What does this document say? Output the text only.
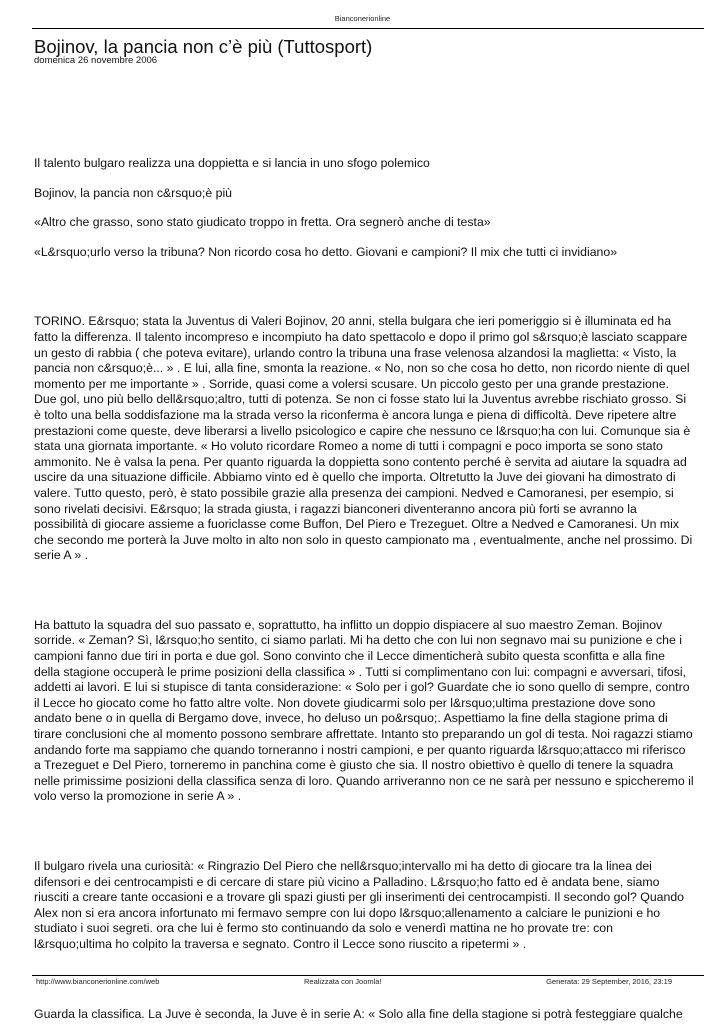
Bianconerionline
Bojinov, la pancia non c’è più (Tuttosport)
domenica 26 novembre 2006

Il talento bulgaro realizza una doppietta e si lancia in uno sfogo polemico

Bojinov, la pancia non c&rsquo;è più

«Altro che grasso, sono stato giudicato troppo in fretta. Ora segnerò anche di testa»

«L&rsquo;urlo verso la tribuna? Non ricordo cosa ho detto. Giovani e campioni? Il mix che tutti ci invidiano»

TORINO. E&rsquo; stata la Juventus di Valeri Bojinov, 20 anni, stella bulgara che ieri pomeriggio si è illuminata ed ha fatto la differenza. Il talento incompreso e incompiuto ha dato spettacolo e dopo il primo gol s&rsquo;è lasciato scappare un gesto di rabbia ( che poteva evitare), urlando contro la tribuna una frase velenosa alzandosi la maglietta: « Visto, la pancia non c&rsquo;è... » . E lui, alla fine, smonta la reazione. « No, non so che cosa ho detto, non ricordo niente di quel momento per me importante » . Sorride, quasi come a volersi scusare. Un piccolo gesto per una grande prestazione. Due gol, uno più bello dell&rsquo;altro, tutti di potenza. Se non ci fosse stato lui la Juventus avrebbe rischiato grosso. Si è tolto una bella soddisfazione ma la strada verso la riconferma è ancora lunga e piena di difficoltà. Deve ripetere altre prestazioni come queste, deve liberarsi a livello psicologico e capire che nessuno ce l&rsquo;ha con lui. Comunque sia è stata una giornata importante. « Ho voluto ricordare Romeo a nome di tutti i compagni e poco importa se sono stato ammonito. Ne è valsa la pena. Per quanto riguarda la doppietta sono contento perché è servita ad aiutare la squadra ad uscire da una situazione difficile. Abbiamo vinto ed è quello che importa. Oltretutto la Juve dei giovani ha dimostrato di valere. Tutto questo, però, è stato possibile grazie alla presenza dei campioni. Nedved e Camoranesi, per esempio, si sono rivelati decisivi. E&rsquo; la strada giusta, i ragazzi bianconeri diventeranno ancora più forti se avranno la possibilità di giocare assieme a fuoriclasse come Buffon, Del Piero e Trezeguet. Oltre a Nedved e Camoranesi. Un mix che secondo me porterà la Juve molto in alto non solo in questo campionato ma , eventualmente, anche nel prossimo. Di serie A » .

Ha battuto la squadra del suo passato e, soprattutto, ha inflitto un doppio dispiacere al suo maestro Zeman. Bojinov sorride. « Zeman? Sì, l&rsquo;ho sentito, ci siamo parlati. Mi ha detto che con lui non segnavo mai su punizione e che i campioni fanno due tiri in porta e due gol. Sono convinto che il Lecce dimenticherà subito questa sconfitta e alla fine della stagione occuperà le prime posizioni della classifica » . Tutti si complimentano con lui: compagni e avversari, tifosi, addetti ai lavori. E lui si stupisce di tanta considerazione: « Solo per i gol? Guardate che io sono quello di sempre, contro il Lecce ho giocato come ho fatto altre volte. Non dovete giudicarmi solo per l&rsquo;ultima prestazione dove sono andato bene o in quella di Bergamo dove, invece, ho deluso un po&rsquo;. Aspettiamo la fine della stagione prima di tirare conclusioni che al momento possono sembrare affrettate. Intanto sto preparando un gol di testa. Noi ragazzi stiamo andando forte ma sappiamo che quando torneranno i nostri campioni, e per quanto riguarda l&rsquo;attacco mi riferisco a Trezeguet e Del Piero, torneremo in panchina come è giusto che sia. Il nostro obiettivo è quello di tenere la squadra nelle primissime posizioni della classifica senza di loro. Quando arriveranno non ce ne sarà per nessuno e spiccheremo il volo verso la promozione in serie A » .

Il bulgaro rivela una curiosità: « Ringrazio Del Piero che nell&rsquo;intervallo mi ha detto di giocare tra la linea dei difensori e dei centrocampisti e di cercare di stare più vicino a Palladino. L&rsquo;ho fatto ed è andata bene, siamo riusciti a creare tante occasioni e a trovare gli spazi giusti per gli inserimenti dei centrocampisti. Il secondo gol? Quando Alex non si era ancora infortunato mi fermavo sempre con lui dopo l&rsquo;allenamento a calciare le punizioni e ho studiato i suoi segreti. ora che lui è fermo sto continuando da solo e venerdì mattina ne ho provate tre: con l&rsquo;ultima ho colpito la traversa e segnato. Contro il Lecce sono riuscito a ripetermi » .

Guarda la classifica. La Juve è seconda, la Juve è in serie A: « Solo alla fine della stagione si potrà festeggiare qualche

http://www.bianconerionline.com/web	Realizzata con Joomla!	Generata: 29 September, 2016, 23:19
